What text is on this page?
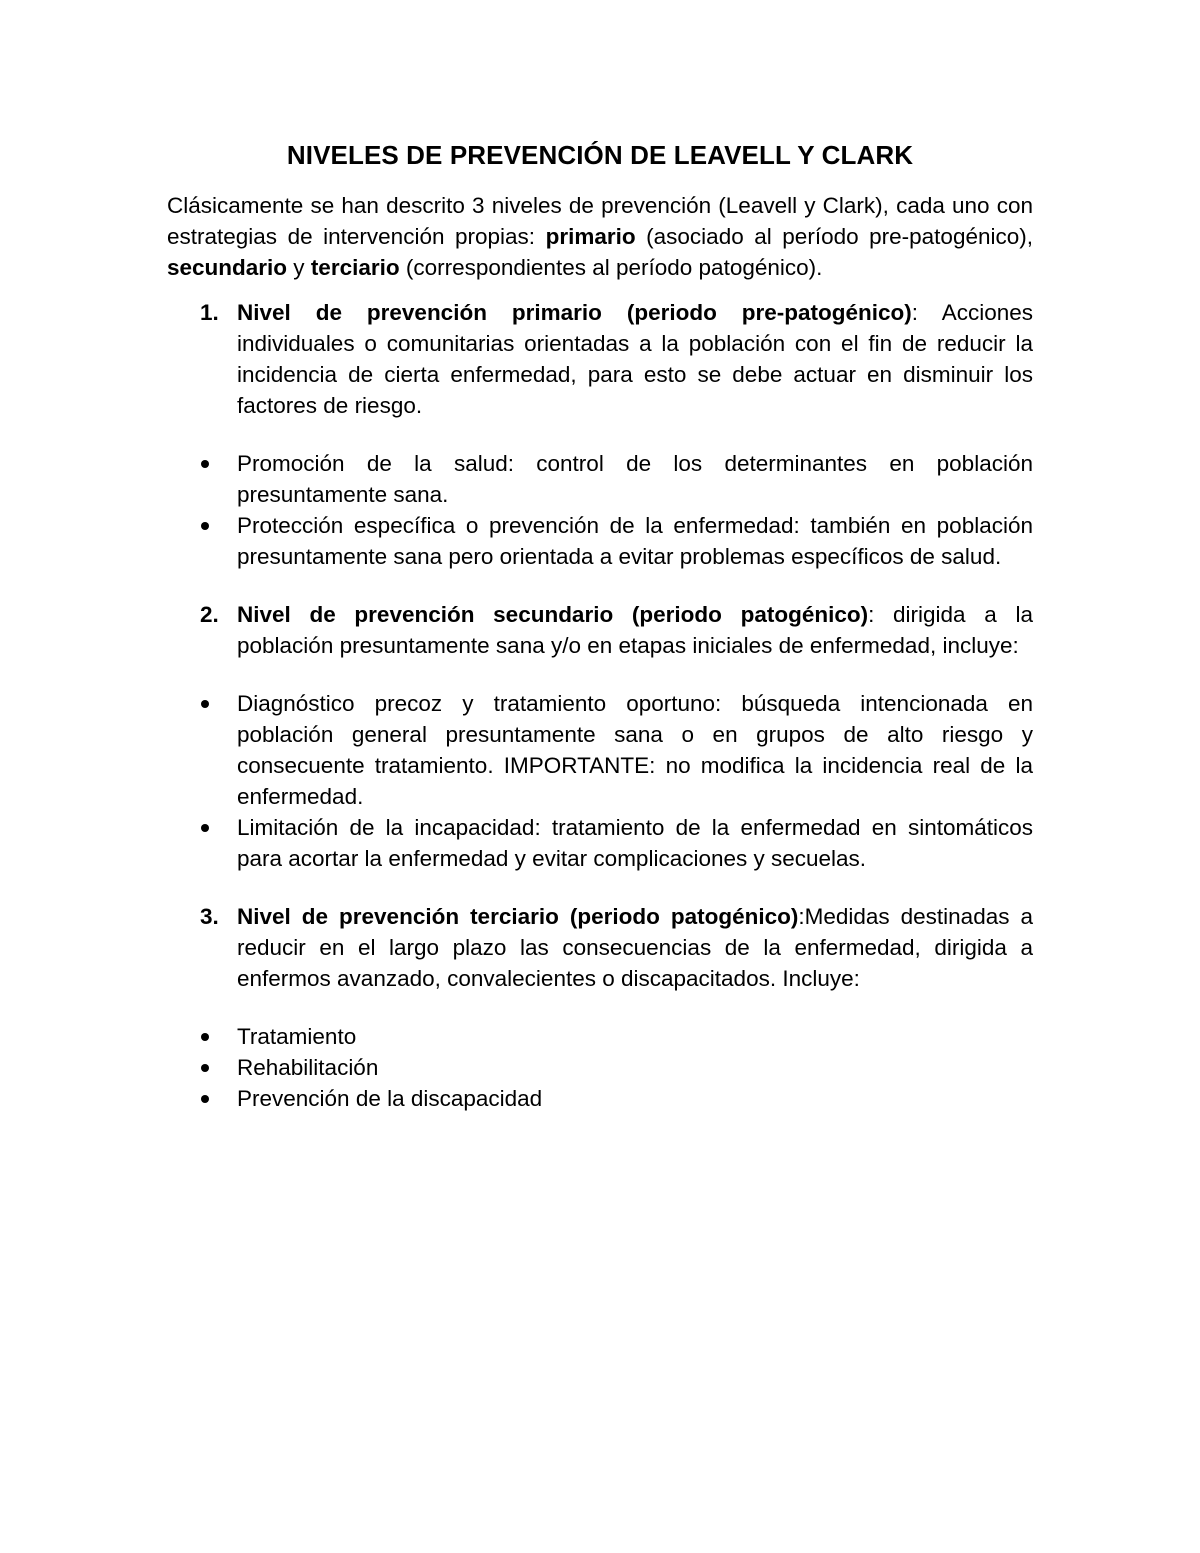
NIVELES DE PREVENCIÓN DE LEAVELL Y CLARK

Clásicamente se han descrito 3 niveles de prevención (Leavell y Clark), cada uno con estrategias de intervención propias: primario (asociado al período pre-patogénico), secundario y terciario (correspondientes al período patogénico).

1. Nivel de prevención primario (periodo pre-patogénico): Acciones individuales o comunitarias orientadas a la población con el fin de reducir la incidencia de cierta enfermedad, para esto se debe actuar en disminuir los factores de riesgo.

Promoción de la salud: control de los determinantes en población presuntamente sana.
Protección específica o prevención de la enfermedad: también en población presuntamente sana pero orientada a evitar problemas específicos de salud.

2. Nivel de prevención secundario (periodo patogénico): dirigida a la población presuntamente sana y/o en etapas iniciales de enfermedad, incluye:

Diagnóstico precoz y tratamiento oportuno: búsqueda intencionada en población general presuntamente sana o en grupos de alto riesgo y consecuente tratamiento. IMPORTANTE: no modifica la incidencia real de la enfermedad.
Limitación de la incapacidad: tratamiento de la enfermedad en sintomáticos para acortar la enfermedad y evitar complicaciones y secuelas.

3. Nivel de prevención terciario (periodo patogénico):Medidas destinadas a reducir en el largo plazo las consecuencias de la enfermedad, dirigida a enfermos avanzado, convalecientes o discapacitados. Incluye:

Tratamiento
Rehabilitación
Prevención de la discapacidad
